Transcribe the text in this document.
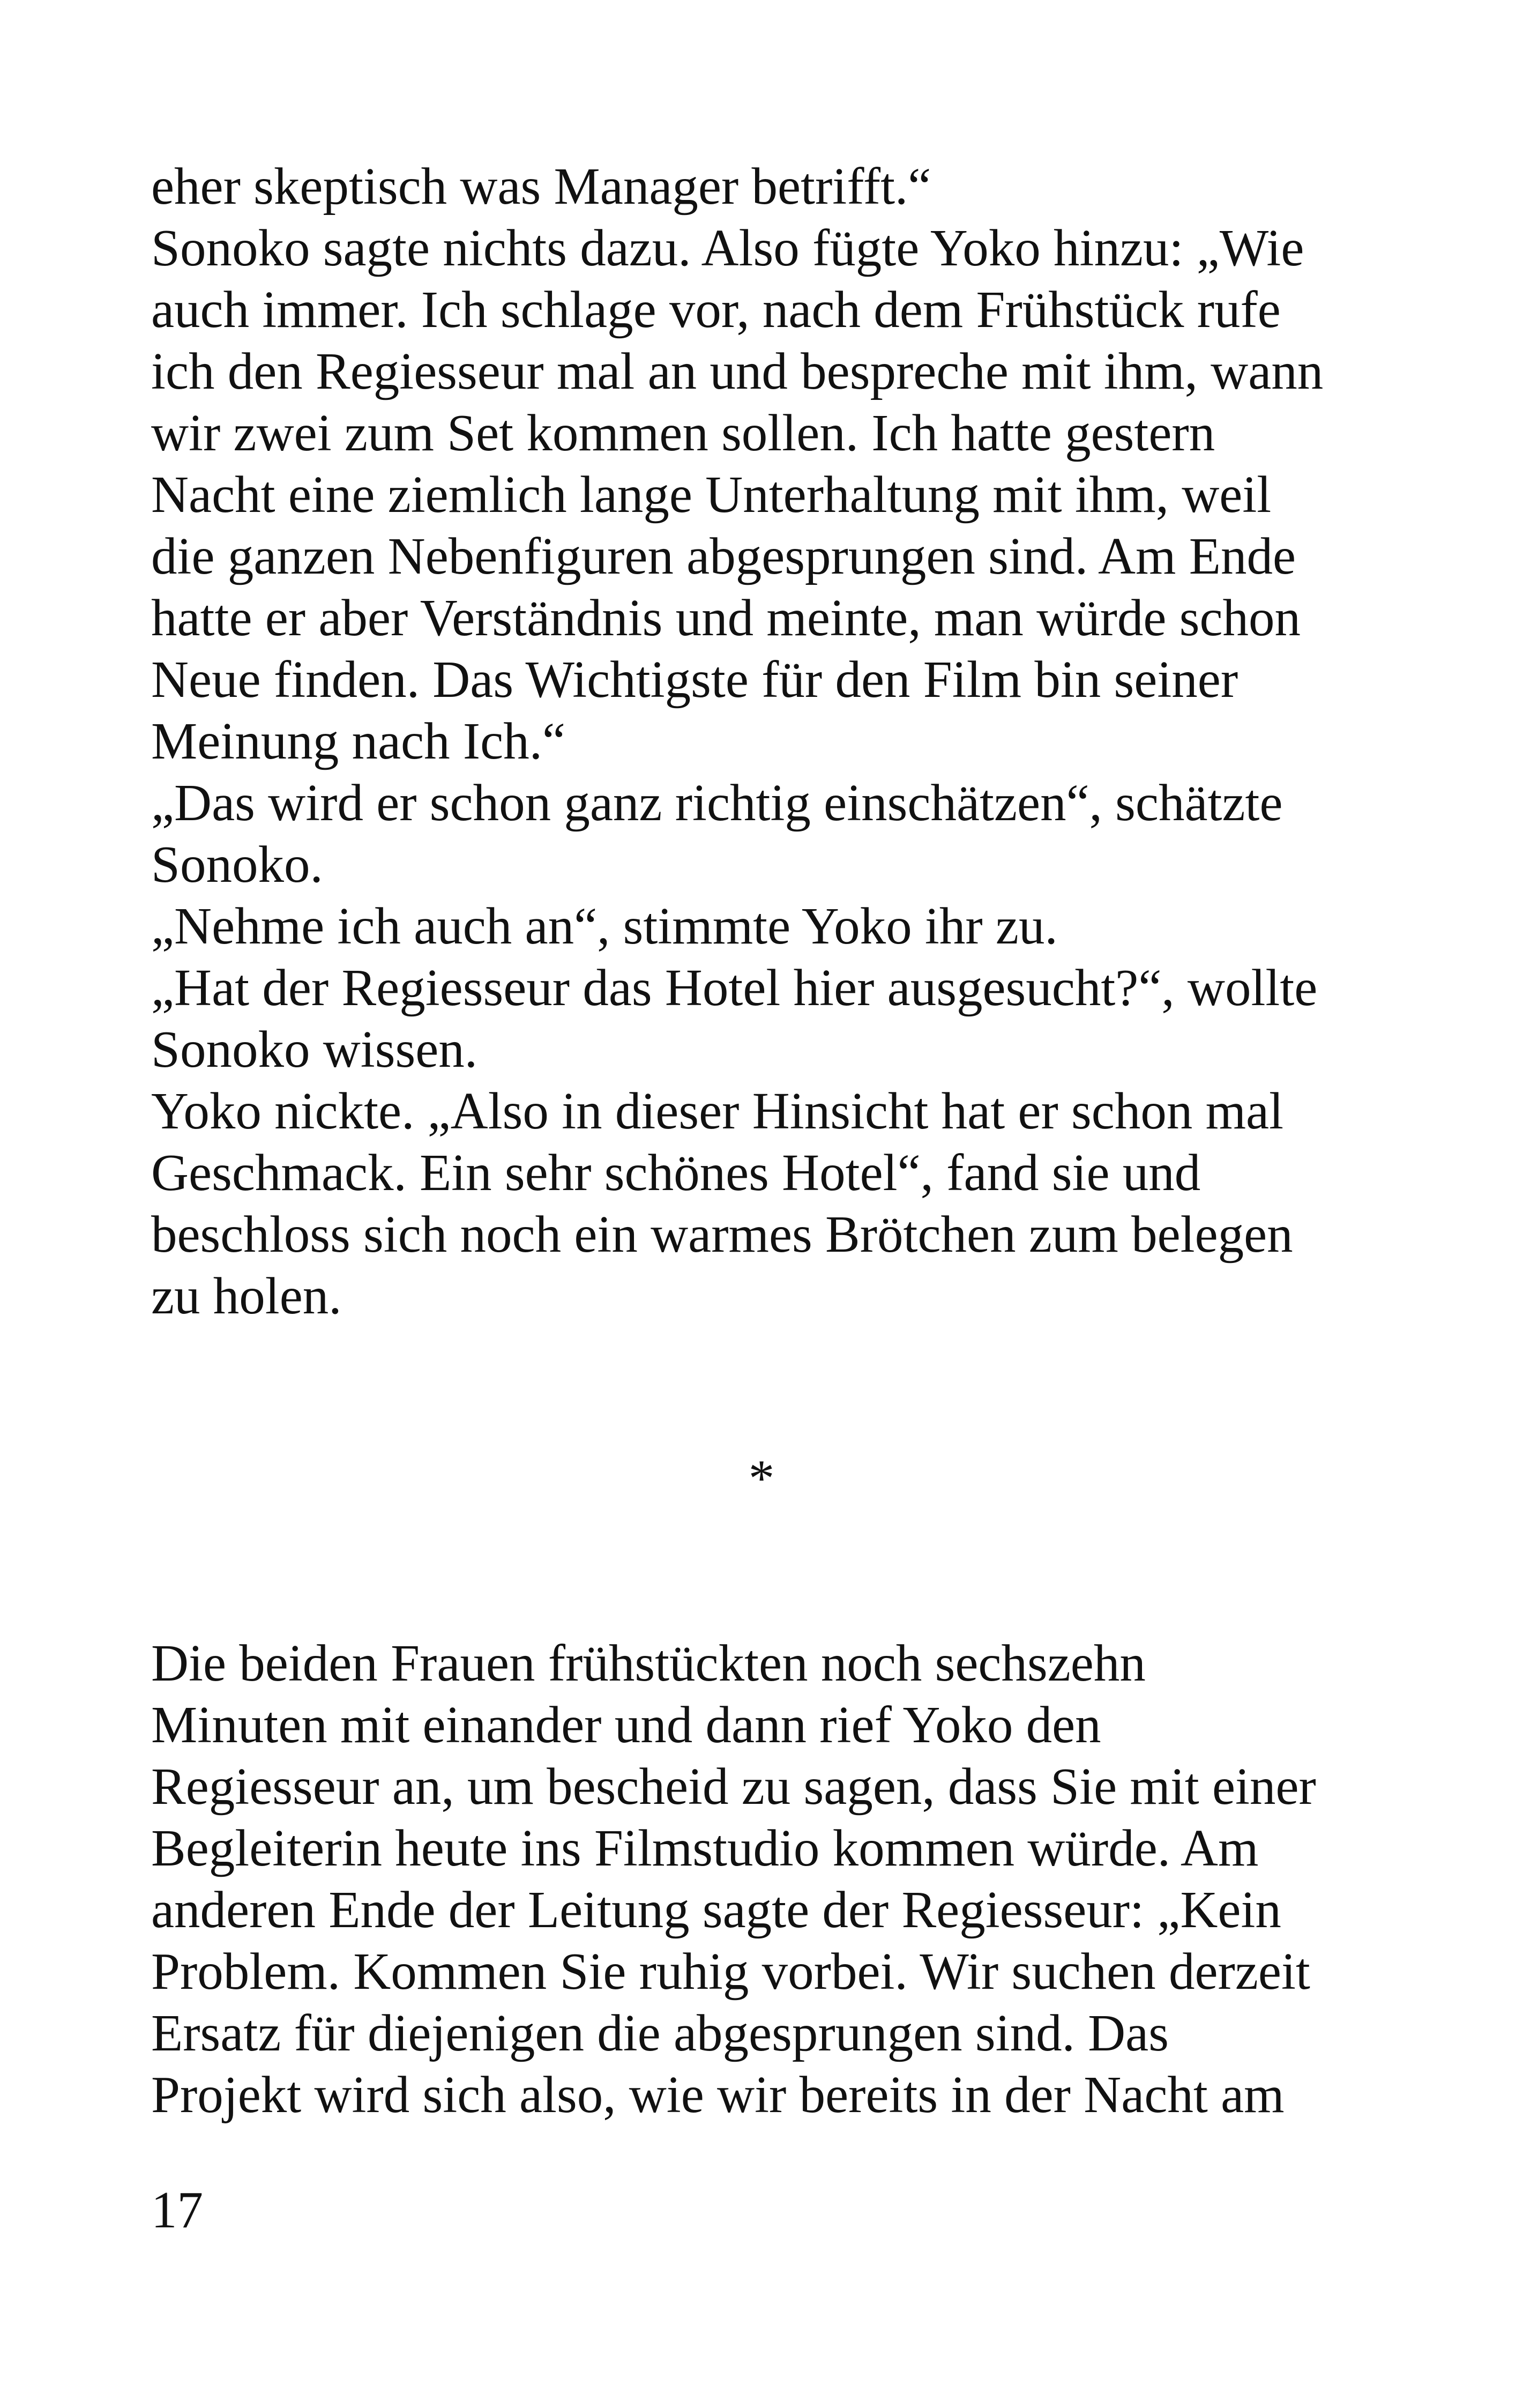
eher skeptisch was Manager betrifft.“
Sonoko sagte nichts dazu. Also fügte Yoko hinzu: „Wie
auch immer. Ich schlage vor, nach dem Frühstück rufe
ich den Regiesseur mal an und bespreche mit ihm, wann
wir zwei zum Set kommen sollen. Ich hatte gestern
Nacht eine ziemlich lange Unterhaltung mit ihm, weil
die ganzen Nebenfiguren abgesprungen sind. Am Ende
hatte er aber Verständnis und meinte, man würde schon
Neue finden. Das Wichtigste für den Film bin seiner
Meinung nach Ich.“
„Das wird er schon ganz richtig einschätzen“, schätzte
Sonoko.
„Nehme ich auch an“, stimmte Yoko ihr zu.
„Hat der Regiesseur das Hotel hier ausgesucht?“, wollte
Sonoko wissen.
Yoko nickte. „Also in dieser Hinsicht hat er schon mal
Geschmack. Ein sehr schönes Hotel“, fand sie und
beschloss sich noch ein warmes Brötchen zum belegen
zu holen.
*
Die beiden Frauen frühstückten noch sechszehn
Minuten mit einander und dann rief Yoko den
Regiesseur an, um bescheid zu sagen, dass Sie mit einer
Begleiterin heute ins Filmstudio kommen würde. Am
anderen Ende der Leitung sagte der Regiesseur: „Kein
Problem. Kommen Sie ruhig vorbei. Wir suchen derzeit
Ersatz für diejenigen die abgesprungen sind. Das
Projekt wird sich also, wie wir bereits in der Nacht am
17
